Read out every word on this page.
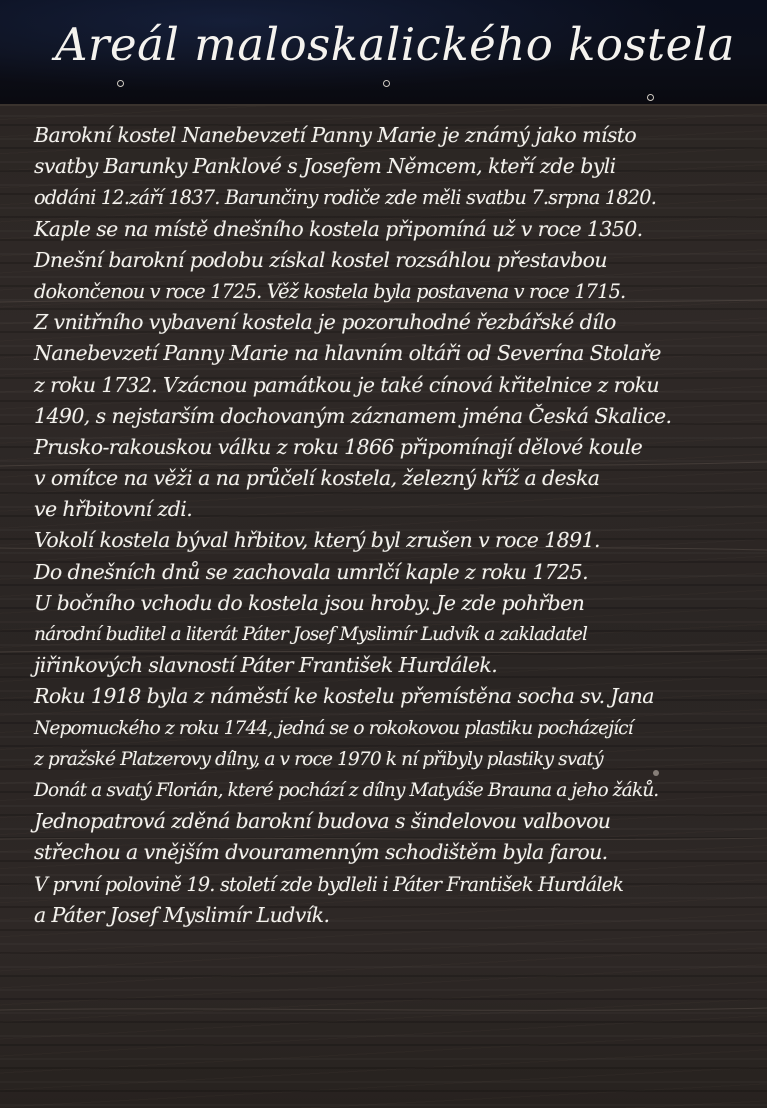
Areál maloskalického kostela
Barokní kostel Nanebevzetí Panny Marie je známý jako místo
svatby Barunky Panklové s Josefem Němcem, kteří zde byli
oddáni 12.září 1837. Barunčiny rodiče zde měli svatbu 7.srpna 1820.
Kaple se na místě dnešního kostela připomíná už v roce 1350.
Dnešní barokní podobu získal kostel rozsáhlou přestavbou
dokončenou v roce 1725. Věž kostela byla postavena v roce 1715.
Z vnitřního vybavení kostela je pozoruhodné řezbářské dílo
Nanebevzetí Panny Marie na hlavním oltáři od Severína Stolaře
z roku 1732. Vzácnou památkou je také cínová křitelnice z roku
1490, s nejstarším dochovaným záznamem jména Česká Skalice.
Prusko-rakouskou válku z roku 1866 připomínají dělové koule
v omítce na věži a na průčelí kostela, železný kříž a deska
ve hřbitovní zdi.
Vokolí kostela býval hřbitov, který byl zrušen v roce 1891.
Do dnešních dnů se zachovala umrlčí kaple z roku 1725.
U bočního vchodu do kostela jsou hroby. Je zde pohřben
národní buditel a literát Páter Josef Myslimír Ludvík a zakladatel
jiřinkových slavností Páter František Hurdálek.
Roku 1918 byla z náměstí ke kostelu přemístěna socha sv. Jana
Nepomuckého z roku 1744, jedná se o rokokovou plastiku pocházející
z pražské Platzerovy dílny, a v roce 1970 k ní přibyly plastiky svatý
Donát a svatý Florián, které pochází z dílny Matyáše Brauna a jeho žáků.
Jednopatrová zděná barokní budova s šindelovou valbovou
střechou a vnějším dvouramenným schodištěm byla farou.
V první polovině 19. století zde bydleli i Páter František Hurdálek
a Páter Josef Myslimír Ludvík.
